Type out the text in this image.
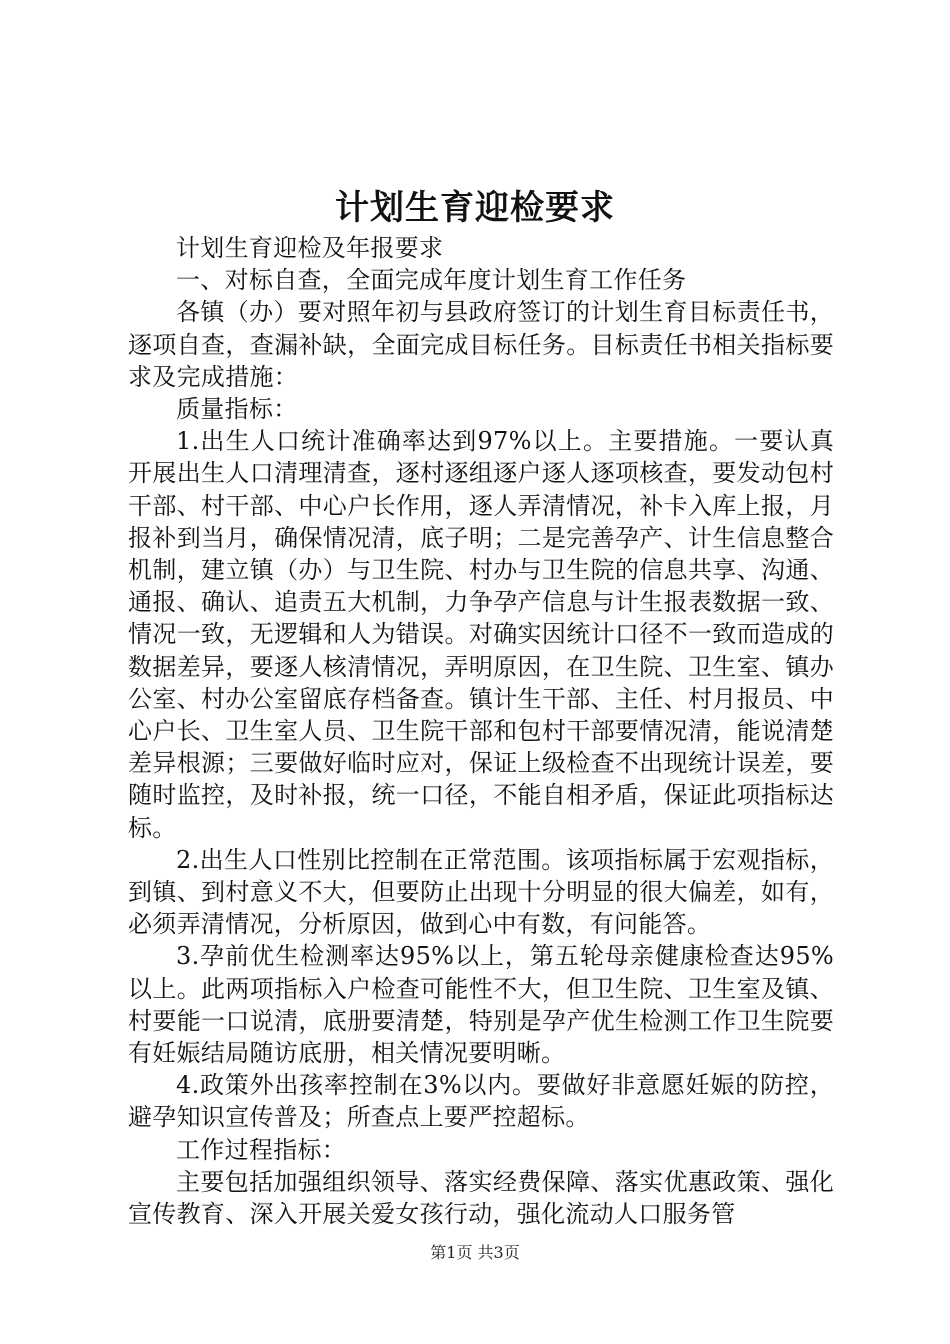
计划生育迎检要求

计划生育迎检及年报要求

一、对标自查，全面完成年度计划生育工作任务

各镇（办）要对照年初与县政府签订的计划生育目标责任书，逐项自查，查漏补缺，全面完成目标任务。目标责任书相关指标要求及完成措施：

质量指标：

1.出生人口统计准确率达到97%以上。主要措施。一要认真开展出生人口清理清查，逐村逐组逐户逐人逐项核查，要发动包村干部、村干部、中心户长作用，逐人弄清情况，补卡入库上报，月报补到当月，确保情况清，底子明；二是完善孕产、计生信息整合机制，建立镇（办）与卫生院、村办与卫生院的信息共享、沟通、通报、确认、追责五大机制，力争孕产信息与计生报表数据一致、情况一致，无逻辑和人为错误。对确实因统计口径不一致而造成的数据差异，要逐人核清情况，弄明原因，在卫生院、卫生室、镇办公室、村办公室留底存档备查。镇计生干部、主任、村月报员、中心户长、卫生室人员、卫生院干部和包村干部要情况清，能说清楚差异根源；三要做好临时应对，保证上级检查不出现统计误差，要随时监控，及时补报，统一口径，不能自相矛盾，保证此项指标达标。

2.出生人口性别比控制在正常范围。该项指标属于宏观指标，到镇、到村意义不大，但要防止出现十分明显的很大偏差，如有，必须弄清情况，分析原因，做到心中有数，有问能答。

3.孕前优生检测率达95%以上，第五轮母亲健康检查达95%以上。此两项指标入户检查可能性不大，但卫生院、卫生室及镇、村要能一口说清，底册要清楚，特别是孕产优生检测工作卫生院要有妊娠结局随访底册，相关情况要明晰。

4.政策外出孩率控制在3%以内。要做好非意愿妊娠的防控，避孕知识宣传普及；所查点上要严控超标。

工作过程指标：

主要包括加强组织领导、落实经费保障、落实优惠政策、强化宣传教育、深入开展关爱女孩行动，强化流动人口服务管

第1页 共3页
